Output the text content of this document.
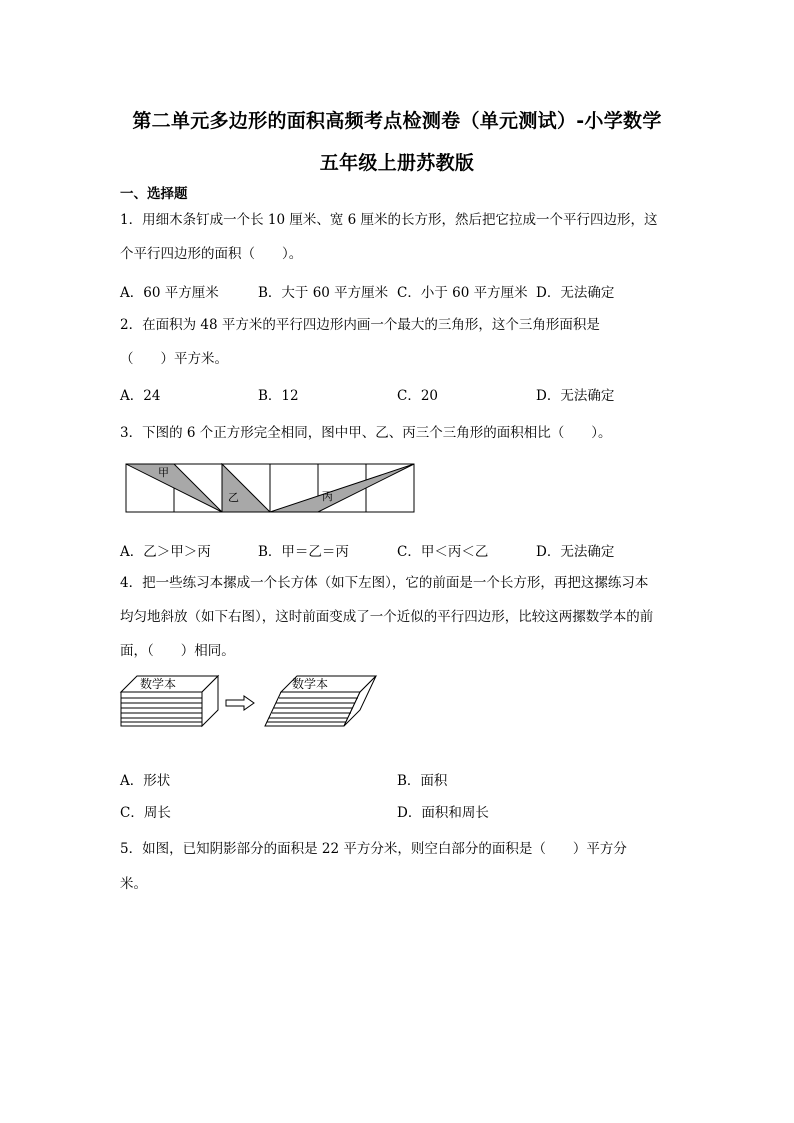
第二单元多边形的面积高频考点检测卷（单元测试）-小学数学
五年级上册苏教版
一、选择题
1．用细木条钉成一个长 10 厘米、宽 6 厘米的长方形，然后把它拉成一个平行四边形，这
个平行四边形的面积（　　）。
A．60 平方厘米	B．大于 60 平方厘米 C．小于 60 平方厘米 D．无法确定
2．在面积为 48 平方米的平行四边形内画一个最大的三角形，这个三角形面积是
（　　）平方米。
A．24	B．12	C．20	D．无法确定
3．下图的 6 个正方形完全相同，图中甲、乙、丙三个三角形的面积相比（　　）。
甲
乙	丙
A．乙＞甲＞丙	B．甲＝乙＝丙	C．甲＜丙＜乙	D．无法确定
4．把一些练习本摞成一个长方体（如下左图），它的前面是一个长方形，再把这摞练习本
均匀地斜放（如下右图），这时前面变成了一个近似的平行四边形，比较这两摞数学本的前
面，（　　）相同。
数学本	数学本
A．形状	B．面积
C．周长	D．面积和周长
5．如图，已知阴影部分的面积是 22 平方分米，则空白部分的面积是（　　）平方分
米。
